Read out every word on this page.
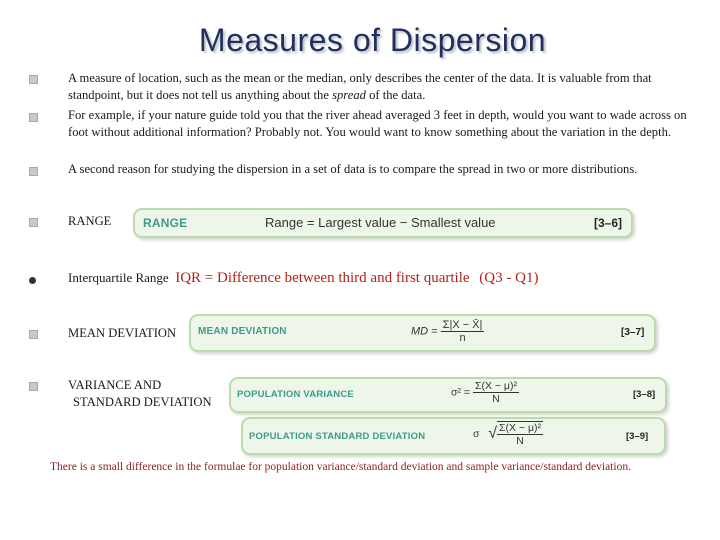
Measures of Dispersion
A measure of location, such as the mean or the median, only describes the center of the data. It is valuable from that standpoint, but it does not tell us anything about the spread of the data.
For example, if your nature guide told you that the river ahead averaged 3 feet in depth, would you want to wade across on foot without additional information? Probably not. You would want to know something about the variation in the depth.
A second reason for studying the dispersion in a set of data is to compare the spread in two or more distributions.
RANGE	RANGE	Range = Largest value − Smallest value	[3–6]
Interquartile Range IQR = Difference between third and first quartile (Q3 - Q1)
MEAN DEVIATION MEAN DEVIATION	MD = $\frac{\Sigma|X - X̄|}{n}$	[3–7]
VARIANCE AND
STANDARD DEVIATION
POPULATION VARIANCE	$\sigma^2 = \frac{\text{Σ(X − μ)²}}{N}$	[3–8]
POPULATION STANDARD DEVIATION	σ √ $\frac{\text{Σ(X − μ)²}}{N}$	[3–9]
There is a small difference in the formulae for population variance/standard deviation and sample variance/standard deviation.
